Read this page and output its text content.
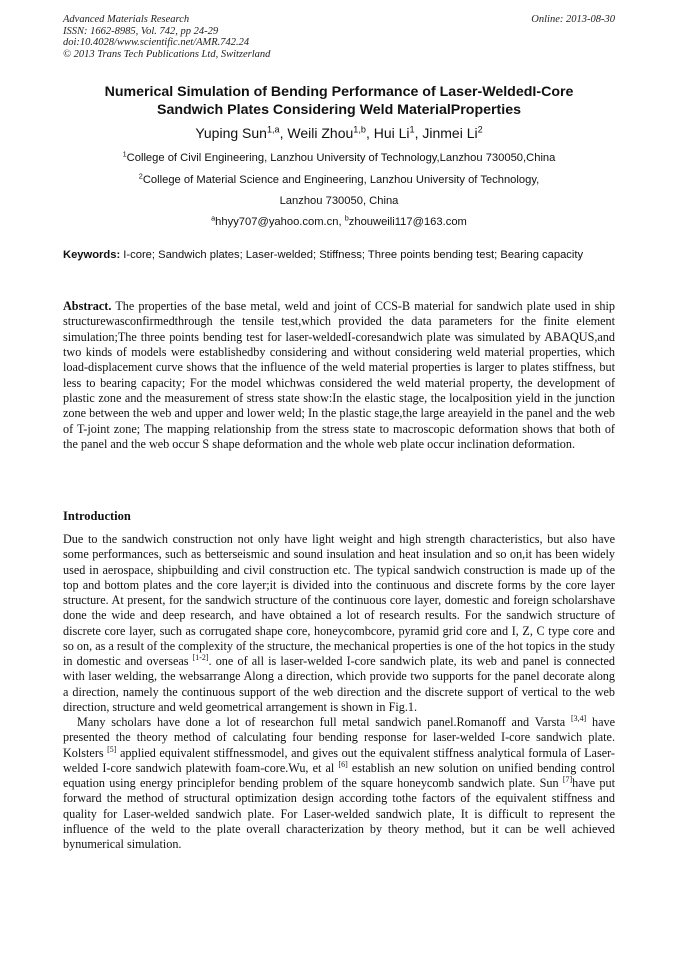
Advanced Materials Research
ISSN: 1662-8985, Vol. 742, pp 24-29
doi:10.4028/www.scientific.net/AMR.742.24
© 2013 Trans Tech Publications Ltd, Switzerland
Online: 2013-08-30
Numerical Simulation of Bending Performance of Laser-WeldedI-Core
Sandwich Plates Considering Weld MaterialProperties
Yuping Sun$^{1,a}$, Weili Zhou$^{1,b}$, Hui Li$^1$, Jinmei Li$^2$
$^1$College of Civil Engineering, Lanzhou University of Technology,Lanzhou 730050,China
$^2$College of Material Science and Engineering, Lanzhou University of Technology,
Lanzhou 730050, China
$^a$hhyy707@yahoo.com.cn, $^b$zhouweili117@163.com
Keywords: I-core; Sandwich plates; Laser-welded; Stiffness; Three points bending test; Bearing capacity
Abstract. The properties of the base metal, weld and joint of CCS-B material for sandwich plate used in ship structurewasconfirmedthrough the tensile test,which provided the data parameters for the finite element simulation;The three points bending test for laser-weldedI-coresandwich plate was simulated by ABAQUS,and two kinds of models were establishedby considering and without considering weld material properties, which load-displacement curve shows that the influence of the weld material properties is larger to plates stiffness, but less to bearing capacity; For the model whichwas considered the weld material property, the development of plastic zone and the measurement of stress state show:In the elastic stage, the localposition yield in the junction zone between the web and upper and lower weld; In the plastic stage,the large areayield in the panel and the web of T-joint zone; The mapping relationship from the stress state to macroscopic deformation shows that both of the panel and the web occur S shape deformation and the whole web plate occur inclination deformation.
Introduction

Due to the sandwich construction not only have light weight and high strength characteristics, but also have some performances, such as betterseismic and sound insulation and heat insulation and so on,it has been widely used in aerospace, shipbuilding and civil construction etc. The typical sandwich construction is made up of the top and bottom plates and the core layer;it is divided into the continuous and discrete forms by the core layer structure. At present, for the sandwich structure of the continuous core layer, domestic and foreign scholarshave done the wide and deep research, and have obtained a lot of research results. For the sandwich structure of discrete core layer, such as corrugated shape core, honeycombcore, pyramid grid core and I, Z, C type core and so on, as a result of the complexity of the structure, the mechanical properties is one of the hot topics in the study in domestic and overseas [1-2]. one of all is laser-welded I-core sandwich plate, its web and panel is connected with laser welding, the websarrange Along a direction, which provide two supports for the panel decorate along a direction, namely the continuous support of the web direction and the discrete support of vertical to the web direction, structure and weld geometrical arrangement is shown in Fig.1.

Many scholars have done a lot of researchon full metal sandwich panel.Romanoff and Varsta [3,4] have presented the theory method of calculating four bending response for laser-welded I-core sandwich plate. Kolsters [5] applied equivalent stiffnessmodel, and gives out the equivalent stiffness analytical formula of Laser-welded I-core sandwich platewith foam-core.Wu, et al [6] establish an new solution on unified bending control equation using energy principlefor bending problem of the square honeycomb sandwich plate. Sun [7]have put forward the method of structural optimization design according tothe factors of the equivalent stiffness and quality for Laser-welded sandwich plate. For Laser-welded sandwich plate, It is difficult to represent the influence of the weld to the plate overall characterization by theory method, but it can be well achieved bynumerical simulation.
